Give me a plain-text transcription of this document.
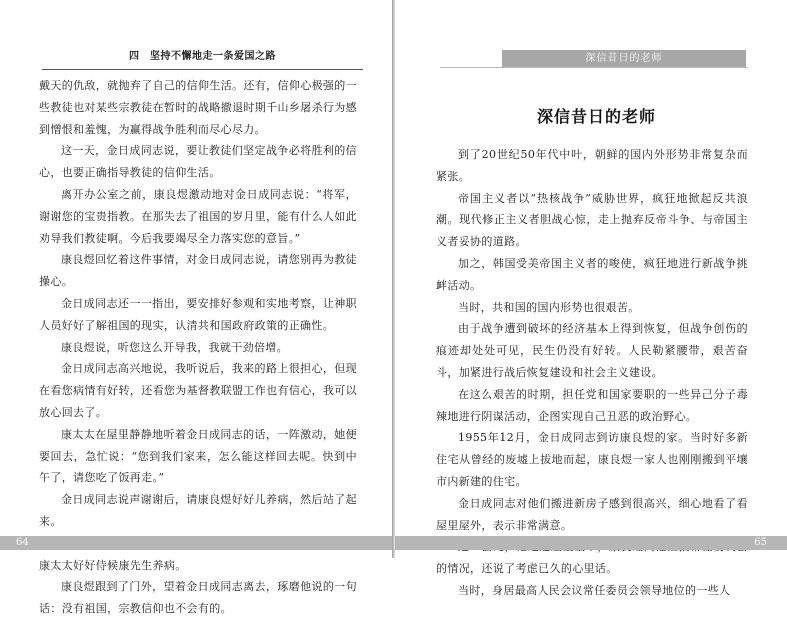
四　坚持不懈地走一条爱国之路

戴天的仇敌，就抛弃了自己的信仰生活。还有，信仰心极强的一些教徒也对某些宗教徒在暂时的战略撤退时期千山乡屠杀行为感到憎恨和羞愧，为赢得战争胜利而尽心尽力。

这一天，金日成同志说，要让教徒们坚定战争必将胜利的信心，也要正确指导教徒的信仰生活。

离开办公室之前，康良煜激动地对金日成同志说：“将军，谢谢您的宝贵指教。在那失去了祖国的岁月里，能有什么人如此劝导我们教徒啊。今后我要竭尽全力落实您的意旨。”

康良煜回忆着这件事情，对金日成同志说，请您别再为教徒操心。

金日成同志还一一指出，要安排好参观和实地考察，让神职人员好好了解祖国的现实，认清共和国政府政策的正确性。

康良煜说，听您这么开导我，我就干劲倍增。

金日成同志高兴地说，我听说后，我来的路上很担心，但现在看您病情有好转，还看您为基督教联盟工作也有信心，我可以放心回去了。

康太太在屋里静静地听着金日成同志的话，一阵激动，她便要回去，急忙说：“您到我们家来，怎么能这样回去呢。快到中午了，请您吃了饭再走。”

金日成同志说声谢谢后，请康良煜好好儿养病，然后站了起来。

康太太好好侍候康先生养病。

康良煜跟到了门外，望着金日成同志离去，琢磨他说的一句话：没有祖国，宗教信仰也不会有的。

64
深信昔日的老师
深信昔日的老师

到了20世纪50年代中叶，朝鲜的国内外形势非常复杂而紧张。

帝国主义者以“热核战争”威胁世界，疯狂地掀起反共浪潮。现代修正主义者胆战心惊，走上抛弃反帝斗争、与帝国主义者妥协的道路。

加之，韩国受美帝国主义者的唆使，疯狂地进行新战争挑衅活动。

当时，共和国的国内形势也很艰苦。

由于战争遭到破坏的经济基本上得到恢复，但战争创伤的痕迹却处处可见，民生仍没有好转。人民勒紧腰带，艰苦奋斗，加紧进行战后恢复建设和社会主义建设。

在这么艰苦的时期，担任党和国家要职的一些异己分子毒辣地进行阴谋活动，企图实现自己丑恶的政治野心。

1955年12月，金日成同志到访康良煜的家。当时好多新住宅从曾经的废墟上拔地而起，康良煜一家人也刚刚搬到平壤市内新建的住宅。

金日成同志对他们搬进新房子感到很高兴，细心地看了看屋里屋外，表示非常满意。

的情况，还说了考虑已久的心里话。

当时，身居最高人民会议常任委员会领导地位的一些人

65
